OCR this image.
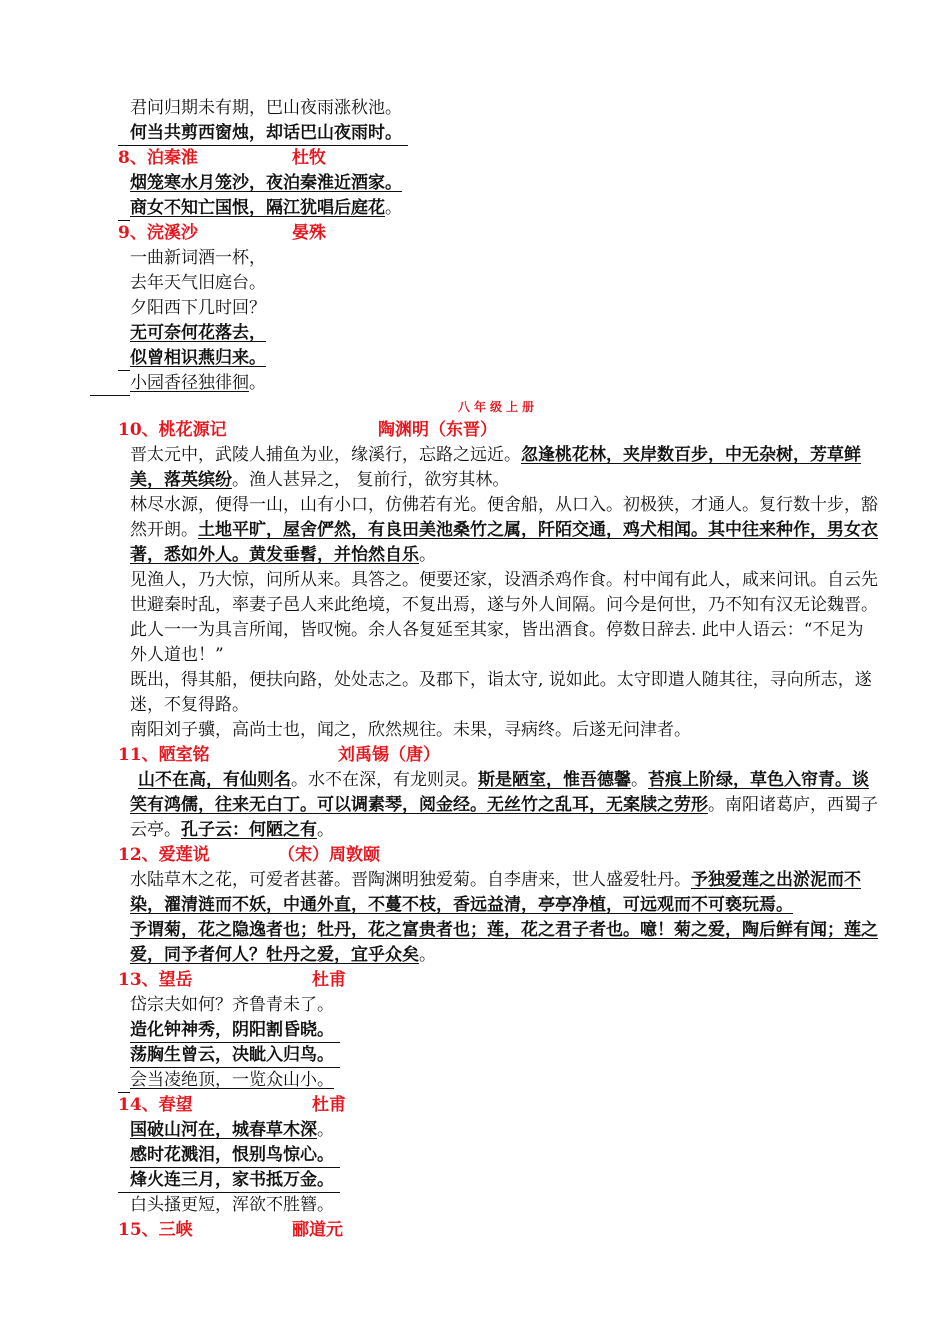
君问归期未有期，巴山夜雨涨秋池。
何当共剪西窗烛，却话巴山夜雨时。
8、泊秦淮	杜牧
烟笼寒水月笼沙，夜泊秦淮近酒家。
商女不知亡国恨，隔江犹唱后庭花。
9、浣溪沙	晏殊
一曲新词酒一杯，
去年天气旧庭台。
夕阳西下几时回？
无可奈何花落去，
似曾相识燕归来。
小园香径独徘徊。
八年级上册
10、桃花源记	陶渊明（东晋）
晋太元中，武陵人捕鱼为业，缘溪行，忘路之远近。忽逢桃花林，夹岸数百步，中无杂树，芳草鲜美，落英缤纷。渔人甚异之， 复前行，欲穷其林。
林尽水源，便得一山，山有小口，仿佛若有光。便舍船，从口入。初极狭，才通人。复行数十步，豁然开朗。土地平旷，屋舍俨然，有良田美池桑竹之属，阡陌交通，鸡犬相闻。其中往来种作，男女衣著，悉如外人。黄发垂髫，并怡然自乐。
见渔人，乃大惊，问所从来。具答之。便要还家，设酒杀鸡作食。村中闻有此人，咸来问讯。自云先世避秦时乱，率妻子邑人来此绝境，不复出焉，遂与外人间隔。问今是何世，乃不知有汉无论魏晋。此人一一为具言所闻，皆叹惋。余人各复延至其家，皆出酒食。停数日辞去. 此中人语云：“不足为外人道也！”
既出，得其船，便扶向路，处处志之。及郡下，诣太守, 说如此。太守即遣人随其往，寻向所志，遂迷，不复得路。
南阳刘子骥，高尚士也，闻之，欣然规往。未果，寻病终。后遂无问津者。
11、陋室铭	刘禹锡（唐）
山不在高，有仙则名。水不在深，有龙则灵。斯是陋室，惟吾德馨。苔痕上阶绿，草色入帘青。谈笑有鸿儒，往来无白丁。可以调素琴，阅金经。无丝竹之乱耳，无案牍之劳形。南阳诸葛庐，西蜀子云亭。孔子云：何陋之有。
12、爱莲说	（宋）周敦颐
水陆草木之花，可爱者甚蕃。晋陶渊明独爱菊。自李唐来，世人盛爱牡丹。予独爱莲之出淤泥而不染，濯清涟而不妖，中通外直，不蔓不枝，香远益清，亭亭净植，可远观而不可亵玩焉。
予谓菊，花之隐逸者也；牡丹，花之富贵者也；莲，花之君子者也。噫！菊之爱，陶后鲜有闻；莲之爱，同予者何人？牡丹之爱，宜乎众矣。
13、望岳	杜甫
岱宗夫如何？齐鲁青未了。
造化钟神秀，阴阳割昏晓。
荡胸生曾云，决眦入归鸟。
会当凌绝顶，一览众山小。
14、春望	杜甫
国破山河在，城春草木深。
感时花溅泪，恨别鸟惊心。
烽火连三月，家书抵万金。
白头搔更短，浑欲不胜簪。
15、三峡	郦道元
